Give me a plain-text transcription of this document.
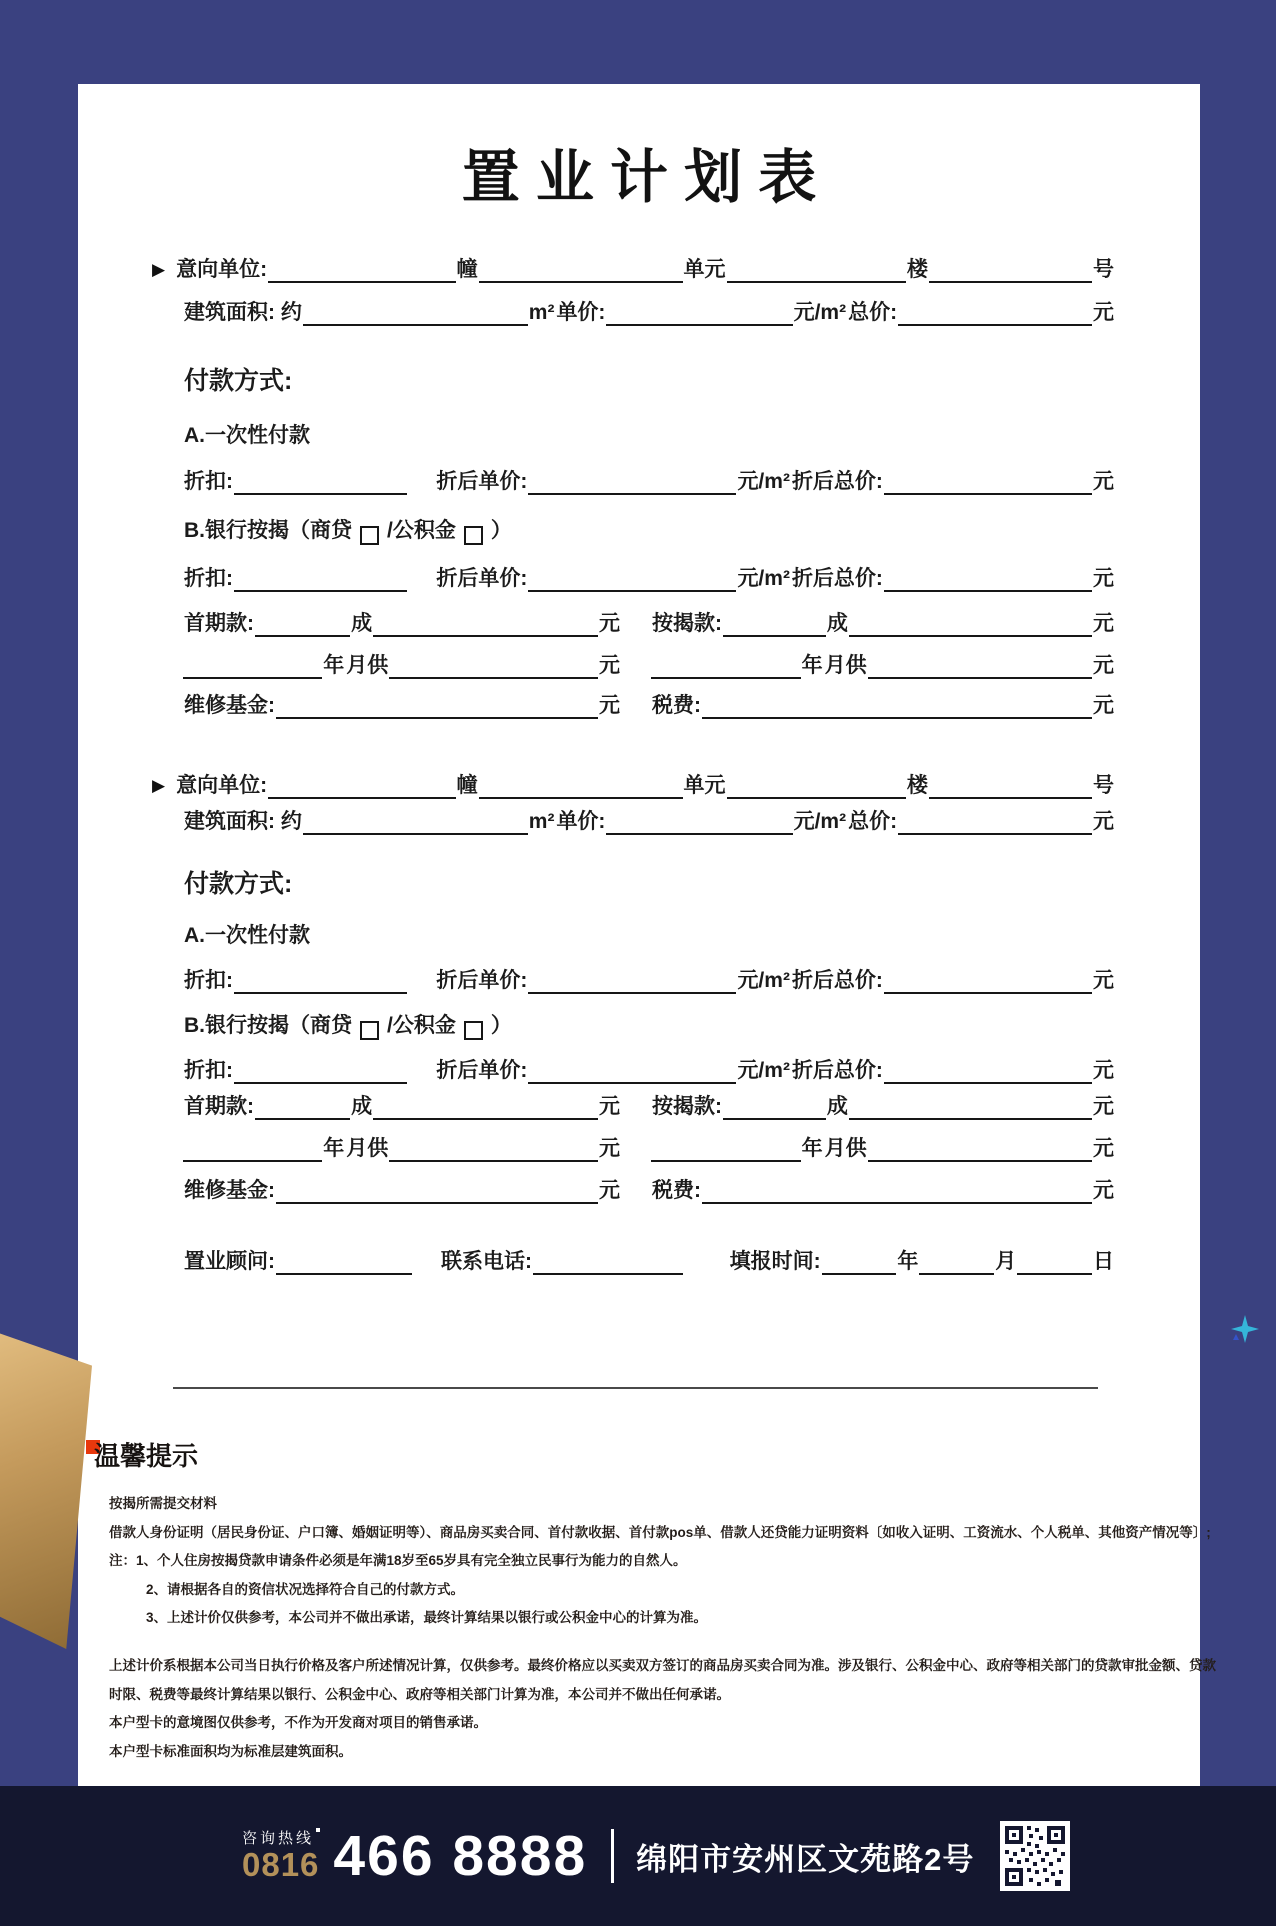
置 业 计 划 表
▶ 意向单位:	幢	单元	楼	号
建筑面积: 约	m² 单价:	元/m² 总价:	元
付款方式:
A.一次性付款
折扣:	折后单价:	元/m² 折后总价:	元
B.银行按揭（商贷 /公积金 ）
折扣:	折后单价:	元/m² 折后总价:	元
首期款:	成	元 按揭款:	成	元
年 月供	元	年 月供	元
维修基金:	元 税费:	元
▶ 意向单位:	幢	单元	楼	号
建筑面积: 约	m² 单价:	元/m² 总价:	元
付款方式:
A.一次性付款
折扣:	折后单价:	元/m² 折后总价:	元
B.银行按揭（商贷 /公积金 ）
折扣:	折后单价:	元/m² 折后总价:	元
首期款:	成	元 按揭款:	成	元
年 月供	元	年 月供	元
维修基金:	元 税费:	元
置业顾问:	联系电话:	填报时间:	年	月	日
温馨提示
按揭所需提交材料
借款人身份证明（居民身份证、户口簿、婚姻证明等）、商品房买卖合同、首付款收据、首付款pos单、借款人还贷能力证明资料〔如收入证明、工资流水、个人税单、其他资产情况等〕;
注：1、个人住房按揭贷款申请条件必须是年满18岁至65岁具有完全独立民事行为能力的自然人。
2、请根据各自的资信状况选择符合自己的付款方式。
3、上述计价仅供参考，本公司并不做出承诺，最终计算结果以银行或公积金中心的计算为准。
上述计价系根据本公司当日执行价格及客户所述情况计算，仅供参考。最终价格应以买卖双方签订的商品房买卖合同为准。涉及银行、公积金中心、政府等相关部门的贷款审批金额、贷款
时限、税费等最终计算结果以银行、公积金中心、政府等相关部门计算为准，本公司并不做出任何承诺。
本户型卡的意境图仅供参考，不作为开发商对项目的销售承诺。
本户型卡标准面积均为标准层建筑面积。
咨询热线
0816 466 8888 绵阳市安州区文苑路2号
